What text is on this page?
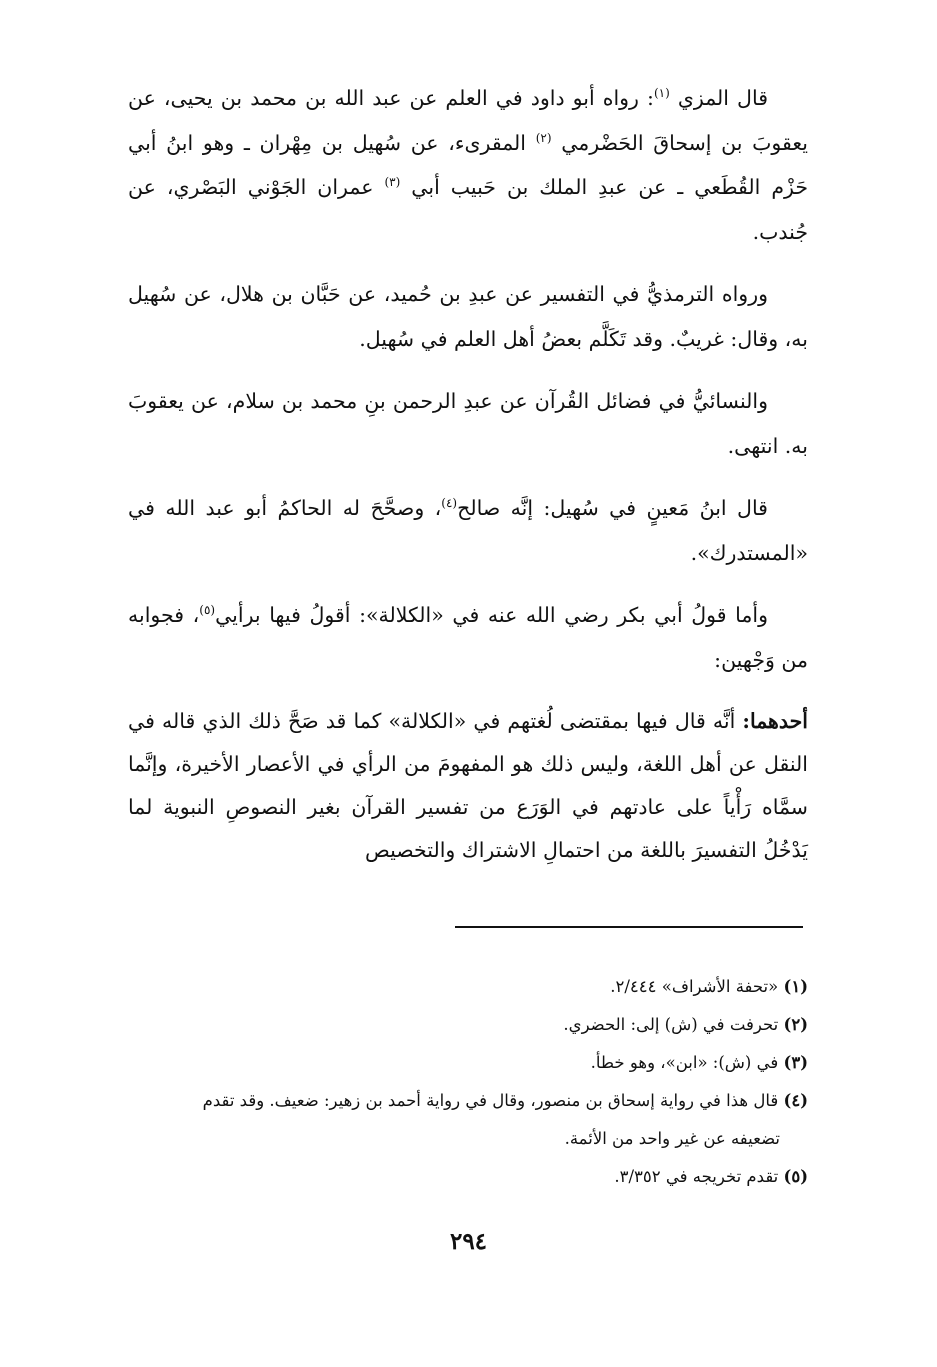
قال المزي $^{(١)}$: رواه أبو داود في العلم عن عبد الله بن محمد بن يحيى، عن يعقوبَ بن إسحاقَ الحَضْرمي $^{(٢)}$ المقرىء، عن سُهيل بن مِهْران ـ وهو ابنُ أبي حَزْم القُطَعي ـ عن عبدِ الملك بن حَبيب أبي $^{(٣)}$ عمران الجَوْني البَصْري، عن جُندب.

ورواه الترمذيُّ في التفسير عن عبدِ بن حُميد، عن حَبَّان بن هلال، عن سُهيل به، وقال: غريبٌ. وقد تَكَلَّم بعضُ أهل العلم في سُهيل.

والنسائيُّ في فضائل القُرآن عن عبدِ الرحمن بنِ محمد بن سلام، عن يعقوبَ به. انتهى.

قال ابنُ مَعينٍ في سُهيل: إنَّه صالح$^{(٤)}$، وصحَّحَ له الحاكمُ أبو عبد الله في «المستدرك».

وأما قولُ أبي بكر رضي الله عنه في «الكلالة»: أقولُ فيها برأيي$^{(٥)}$، فجوابه من وَجْهين:

أحدهما: أنَّه قال فيها بمقتضى لُغتهم في «الكلالة» كما قد صَحَّ ذلك الذي قاله في النقل عن أهل اللغة، وليس ذلك هو المفهومَ من الرأي في الأعصار الأخيرة، وإنَّما سمَّاه رَأْياً على عادتهم في الوَرَع من تفسير القرآن بغير النصوصِ النبوية لما يَدْخُلُ التفسيرَ باللغة من احتمالِ الاشتراك والتخصيص

(١) «تحفة الأشراف» ٢/٤٤٤.

(٢) تحرفت في (ش) إلى: الحضري.

(٣) في (ش): «ابن»، وهو خطأ.

(٤) قال هذا في رواية إسحاق بن منصور، وقال في رواية أحمد بن زهير: ضعيف. وقد تقدم

تضعيفه عن غير واحد من الأئمة.

(٥) تقدم تخريجه في ٣/٣٥٢.

٢٩٤
